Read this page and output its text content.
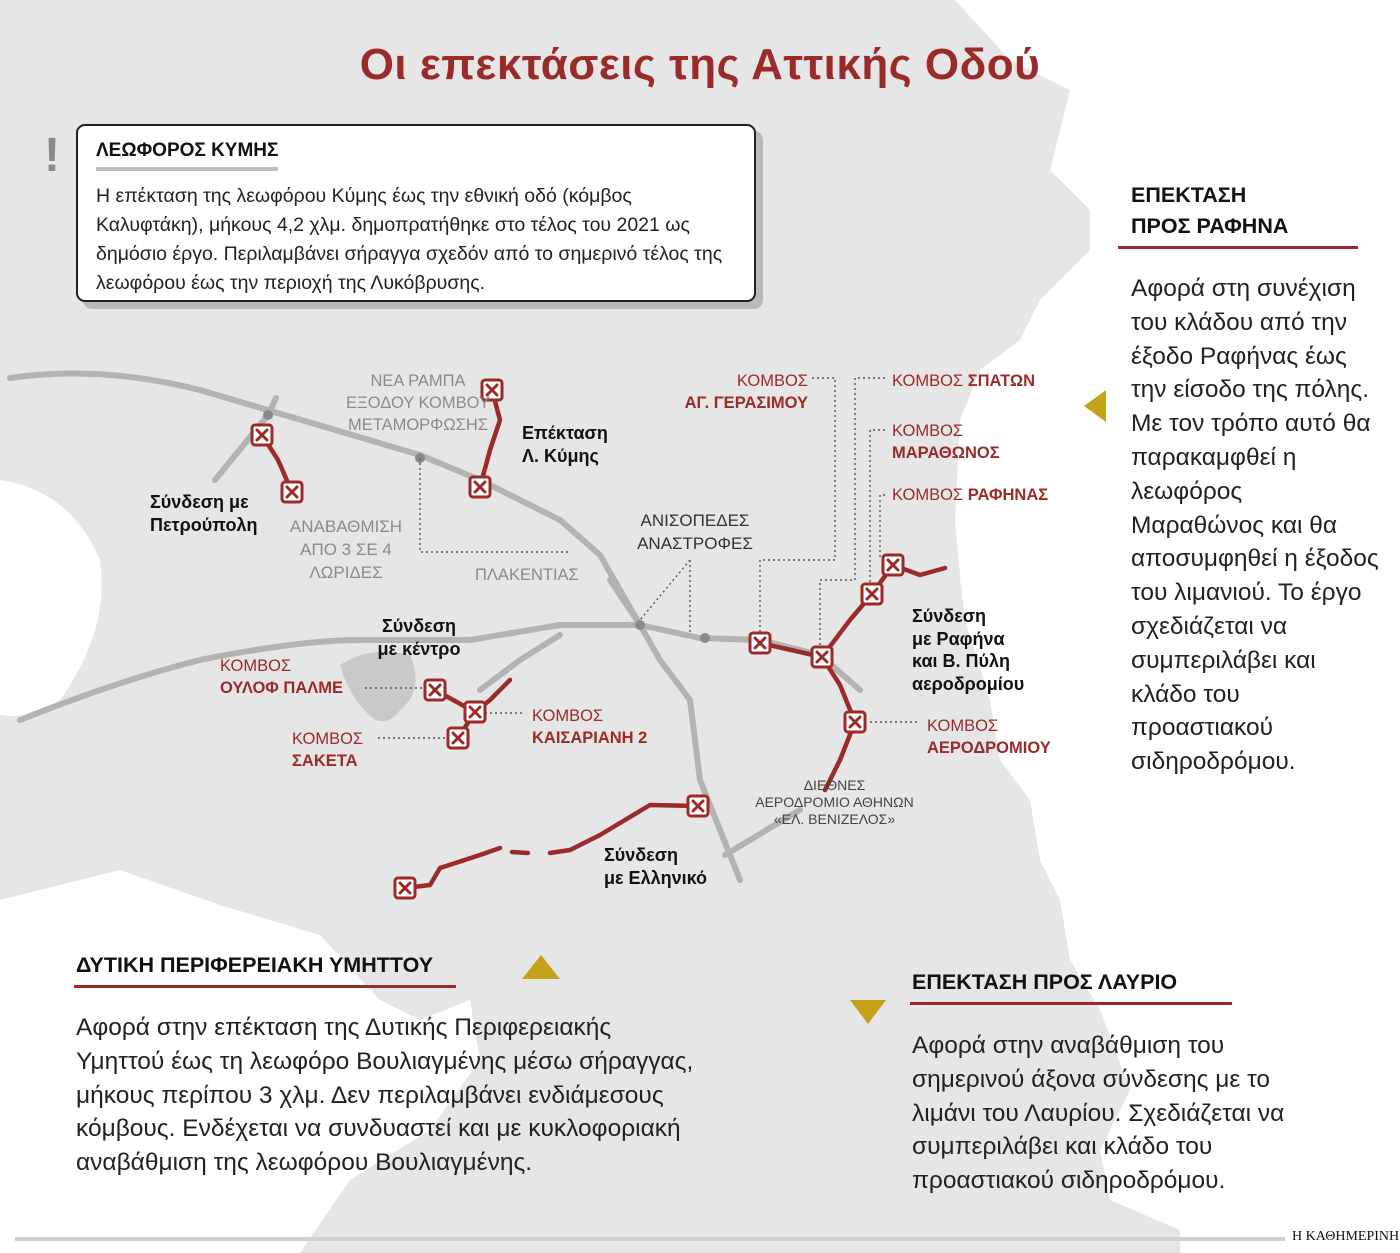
Οι επεκτάσεις της Αττικής Οδού
! ΛΕΩΦΟΡΟΣ ΚΥΜΗΣ
Η επέκταση της λεωφόρου Κύμης έως την εθνική οδό (κόμβος Καλυφτάκη), μήκους 4,2 χλμ. δημοπρατήθηκε στο τέλος του 2021 ως δημόσιο έργο. Περιλαμβάνει σήραγγα σχεδόν από το σημερινό τέλος της λεωφόρου έως την περιοχή της Λυκόβρυσης.
ΕΠΕΚΤΑΣΗ
ΠΡΟΣ ΡΑΦΗΝΑ
Αφορά στη συνέχιση του κλάδου από την έξοδο Ραφήνας έως την είσοδο της πόλης. Με τον τρόπο αυτό θα παρακαμφθεί η λεωφόρος Μαραθώνος και θα αποσυμφηθεί η έξοδος του λιμανιού. Το έργο σχεδιάζεται να συμπεριλάβει και κλάδο του προαστιακού σιδηροδρόμου.
ΔΥΤΙΚΗ ΠΕΡΙΦΕΡΕΙΑΚΗ ΥΜΗΤΤΟΥ
Αφορά στην επέκταση της Δυτικής Περιφερειακής Υμηττού έως τη λεωφόρο Βουλιαγμένης μέσω σήραγγας, μήκους περίπου 3 χλμ. Δεν περιλαμβάνει ενδιάμεσους κόμβους. Ενδέχεται να συνδυαστεί και με κυκλοφοριακή αναβάθμιση της λεωφόρου Βουλιαγμένης.
ΕΠΕΚΤΑΣΗ ΠΡΟΣ ΛΑΥΡΙΟ
Αφορά στην αναβάθμιση του σημερινού άξονα σύνδεσης με το λιμάνι του Λαυρίου. Σχεδιάζεται να συμπεριλάβει και κλάδο του προαστιακού σιδηροδρόμου.
ΝΕΑ ΡΑΜΠΑ
ΕΞΟΔΟΥ ΚΟΜΒΟΥ
ΜΕΤΑΜΟΡΦΩΣΗΣ	Επέκταση
Λ. Κύμης
Σύνδεση με
Πετρούπολη	ΑΝΑΒΑΘΜΙΣΗ
ΑΠΟ 3 ΣΕ 4
ΛΩΡΙΔΕΣ	ΠΛΑΚΕΝΤΙΑΣ
ΑΝΙΣΟΠΕΔΕΣ
ΑΝΑΣΤΡΟΦΕΣ
Σύνδεση
με κέντρο
ΚΟΜΒΟΣ
ΟΥΛΟΦ ΠΑΛΜΕ
ΚΟΜΒΟΣ
ΣΑΚΕΤΑ
ΚΟΜΒΟΣ
ΚΑΙΣΑΡΙΑΝΗ 2
ΚΟΜΒΟΣ
ΑΓ. ΓΕΡΑΣΙΜΟΥ
ΚΟΜΒΟΣ ΣΠΑΤΩΝ
ΚΟΜΒΟΣ
ΜΑΡΑΘΩΝΟΣ
ΚΟΜΒΟΣ ΡΑΦΗΝΑΣ
ΚΟΜΒΟΣ
ΑΕΡΟΔΡΟΜΙΟΥ
Σύνδεση
με Ραφήνα
και Β. Πύλη
αεροδρομίου
ΔΙΕΘΝΕΣ
ΑΕΡΟΔΡΟΜΙΟ ΑΘΗΝΩΝ
«ΕΛ. ΒΕΝΙΖΕΛΟΣ»
Σύνδεση
με Ελληνικό
Η ΚΑΘΗΜΕΡΙΝΗ
